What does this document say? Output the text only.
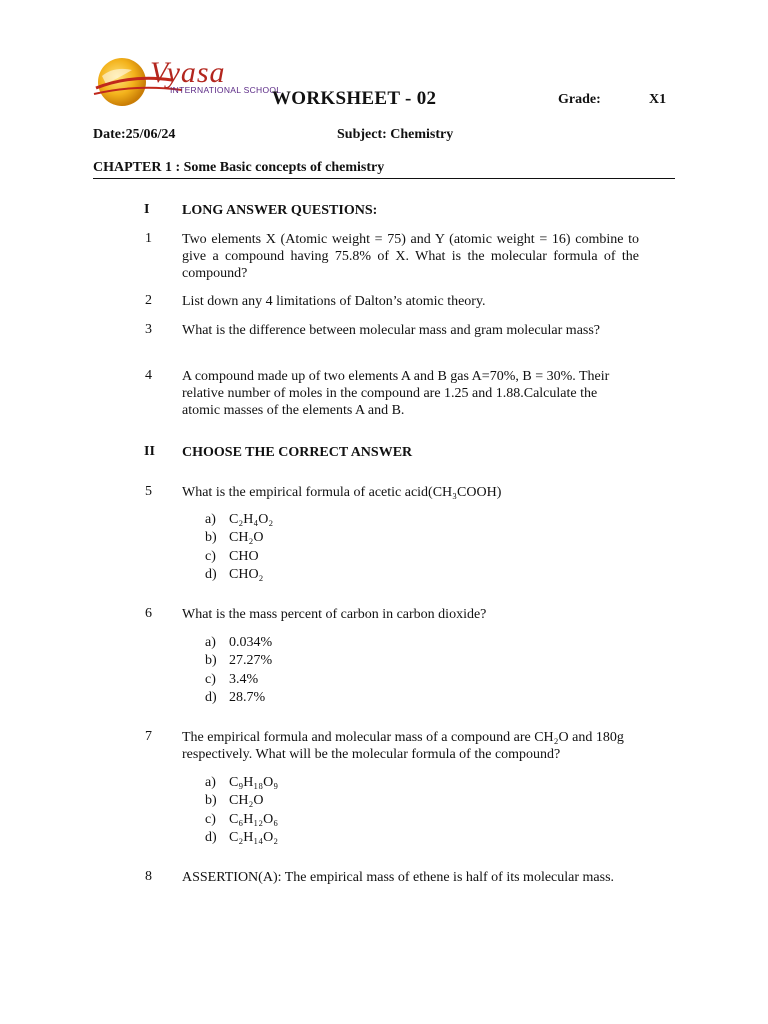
Vyasa
INTERNATIONAL SCHOOL
WORKSHEET - 02	Grade:	X1
Date:25/06/24	Subject: Chemistry
CHAPTER 1 : Some Basic concepts of chemistry
I LONG ANSWER QUESTIONS:
1 Two elements X (Atomic weight = 75) and Y (atomic weight = 16) combine to give a compound having 75.8% of X. What is the molecular formula of the compound?
2 List down any 4 limitations of Dalton’s atomic theory.
3 What is the difference between molecular mass and gram molecular mass?
4 A compound made up of two elements A and B gas A=70%, B = 30%. Their relative number of moles in the compound are 1.25 and 1.88.Calculate the atomic masses of the elements A and B.
II CHOOSE THE CORRECT ANSWER
5 What is the empirical formula of acetic acid(CH₃COOH)
a) C₂H₄O₂
b) CH₂O
c) CHO
d) CHO₂
6 What is the mass percent of carbon in carbon dioxide?
a) 0.034%
b) 27.27%
c) 3.4%
d) 28.7%
7 The empirical formula and molecular mass of a compound are CH₂O and 180g respectively. What will be the molecular formula of the compound?
a) C₉H₁₈O₉
b) CH₂O
c) C₆H₁₂O₆
d) C₂H₁₄O₂
8 ASSERTION(A): The empirical mass of ethene is half of its molecular mass.
